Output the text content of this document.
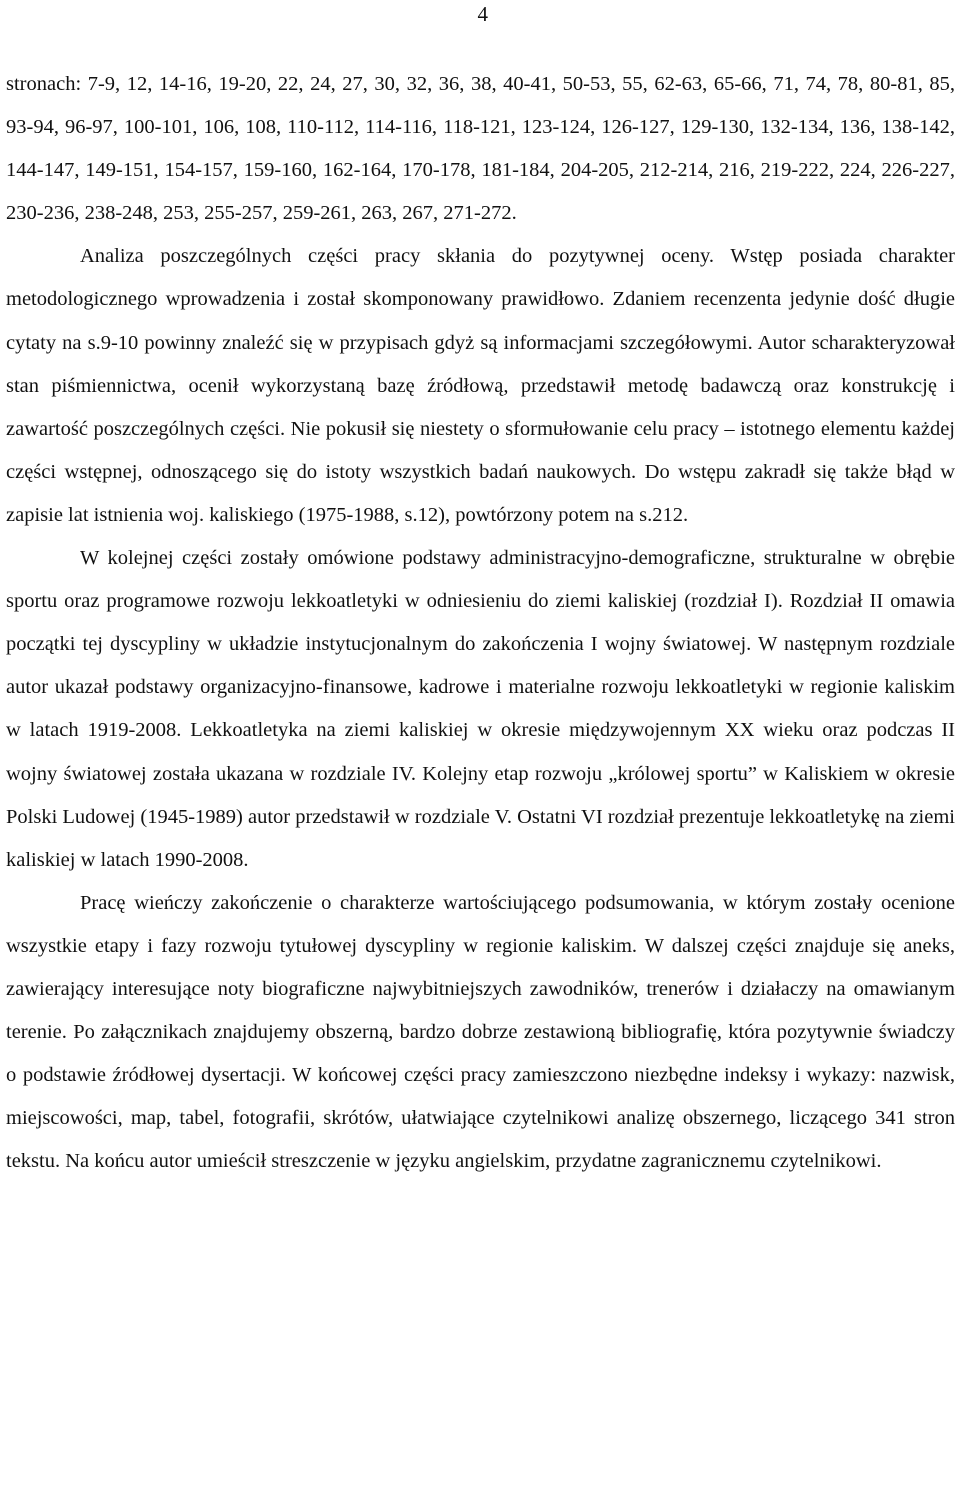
4

stronach: 7-9, 12, 14-16, 19-20, 22, 24, 27, 30, 32, 36, 38, 40-41, 50-53, 55, 62-63, 65-66, 71, 74, 78, 80-81, 85, 93-94, 96-97, 100-101, 106, 108, 110-112, 114-116, 118-121, 123-124, 126-127, 129-130, 132-134, 136, 138-142, 144-147, 149-151, 154-157, 159-160, 162-164, 170-178, 181-184, 204-205, 212-214, 216, 219-222, 224, 226-227, 230-236, 238-248, 253, 255-257, 259-261, 263, 267, 271-272.

Analiza poszczególnych części pracy skłania do pozytywnej oceny. Wstęp posiada charakter metodologicznego wprowadzenia i został skomponowany prawidłowo. Zdaniem recenzenta jedynie dość długie cytaty na s.9-10 powinny znaleźć się w przypisach gdyż są informacjami szczegółowymi. Autor scharakteryzował stan piśmiennictwa, ocenił wykorzystaną bazę źródłową, przedstawił metodę badawczą oraz konstrukcję i zawartość poszczególnych części. Nie pokusił się niestety o sformułowanie celu pracy – istotnego elementu każdej części wstępnej, odnoszącego się do istoty wszystkich badań naukowych. Do wstępu zakradł się także błąd w zapisie lat istnienia woj. kaliskiego (1975-1988, s.12), powtórzony potem na s.212.

W kolejnej części zostały omówione podstawy administracyjno-demograficzne, strukturalne w obrębie sportu oraz programowe rozwoju lekkoatletyki w odniesieniu do ziemi kaliskiej (rozdział I). Rozdział II omawia początki tej dyscypliny w układzie instytucjonalnym do zakończenia I wojny światowej. W następnym rozdziale autor ukazał podstawy organizacyjno-finansowe, kadrowe i materialne rozwoju lekkoatletyki w regionie kaliskim w latach 1919-2008. Lekkoatletyka na ziemi kaliskiej w okresie międzywojennym XX wieku oraz podczas II wojny światowej została ukazana w rozdziale IV. Kolejny etap rozwoju „królowej sportu” w Kaliskiem w okresie Polski Ludowej (1945-1989) autor przedstawił w rozdziale V. Ostatni VI rozdział prezentuje lekkoatletykę na ziemi kaliskiej w latach 1990-2008.

Pracę wieńczy zakończenie o charakterze wartościującego podsumowania, w którym zostały ocenione wszystkie etapy i fazy rozwoju tytułowej dyscypliny w regionie kaliskim. W dalszej części znajduje się aneks, zawierający interesujące noty biograficzne najwybitniejszych zawodników, trenerów i działaczy na omawianym terenie. Po załącznikach znajdujemy obszerną, bardzo dobrze zestawioną bibliografię, która pozytywnie świadczy o podstawie źródłowej dysertacji. W końcowej części pracy zamieszczono niezbędne indeksy i wykazy: nazwisk, miejscowości, map, tabel, fotografii, skrótów, ułatwiające czytelnikowi analizę obszernego, liczącego 341 stron tekstu. Na końcu autor umieścił streszczenie w języku angielskim, przydatne zagranicznemu czytelnikowi.
